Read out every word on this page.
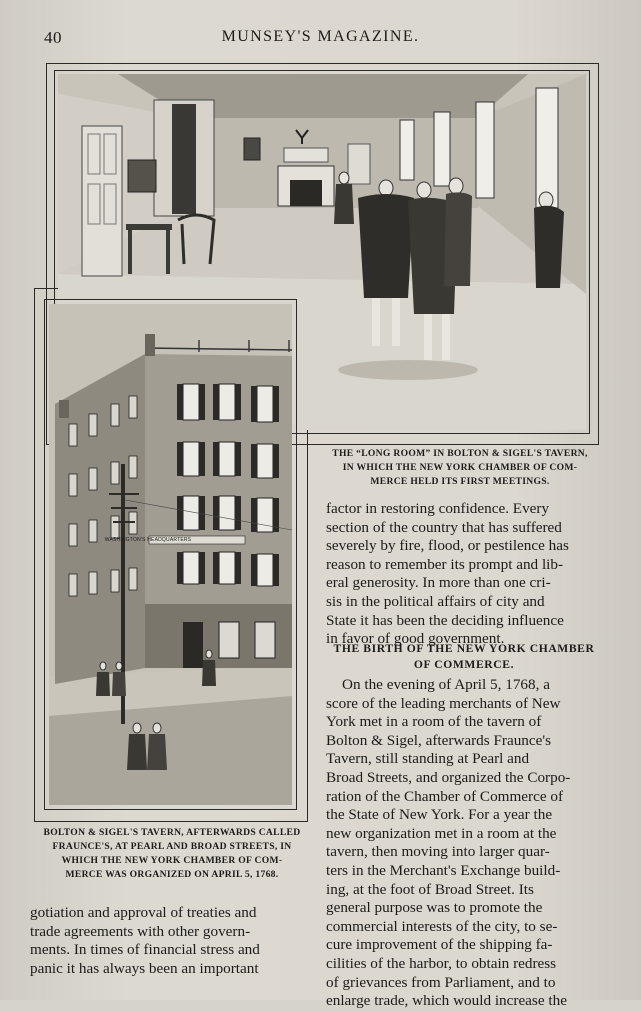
40	MUNSEY'S MAGAZINE.
THE “LONG ROOM” IN BOLTON & SIGEL'S TAVERN,
IN WHICH THE NEW YORK CHAMBER OF COM-
MERCE HELD ITS FIRST MEETINGS.
WASHINGTON'S HEADQUARTERS
BOLTON & SIGEL'S TAVERN, AFTERWARDS CALLED
FRAUNCE'S, AT PEARL AND BROAD STREETS, IN
WHICH THE NEW YORK CHAMBER OF COM-
MERCE WAS ORGANIZED ON APRIL 5, 1768.
factor in restoring confidence. Every
section of the country that has suffered
severely by fire, flood, or pestilence has
reason to remember its prompt and lib-
eral generosity. In more than one cri-
sis in the political affairs of city and
State it has been the deciding influence
in favor of good government.
THE BIRTH OF THE NEW YORK CHAMBER
OF COMMERCE.
On the evening of April 5, 1768, a
score of the leading merchants of New
York met in a room of the tavern of
Bolton & Sigel, afterwards Fraunce's
Tavern, still standing at Pearl and
Broad Streets, and organized the Corpo-
ration of the Chamber of Commerce of
the State of New York. For a year the
new organization met in a room at the
tavern, then moving into larger quar-
ters in the Merchant's Exchange build-
ing, at the foot of Broad Street. Its
general purpose was to promote the
commercial interests of the city, to se-
cure improvement of the shipping fa-
cilities of the harbor, to obtain redress
of grievances from Parliament, and to
enlarge trade, which would increase the
gotiation and approval of treaties and
trade agreements with other govern-
ments. In times of financial stress and
panic it has always been an important
